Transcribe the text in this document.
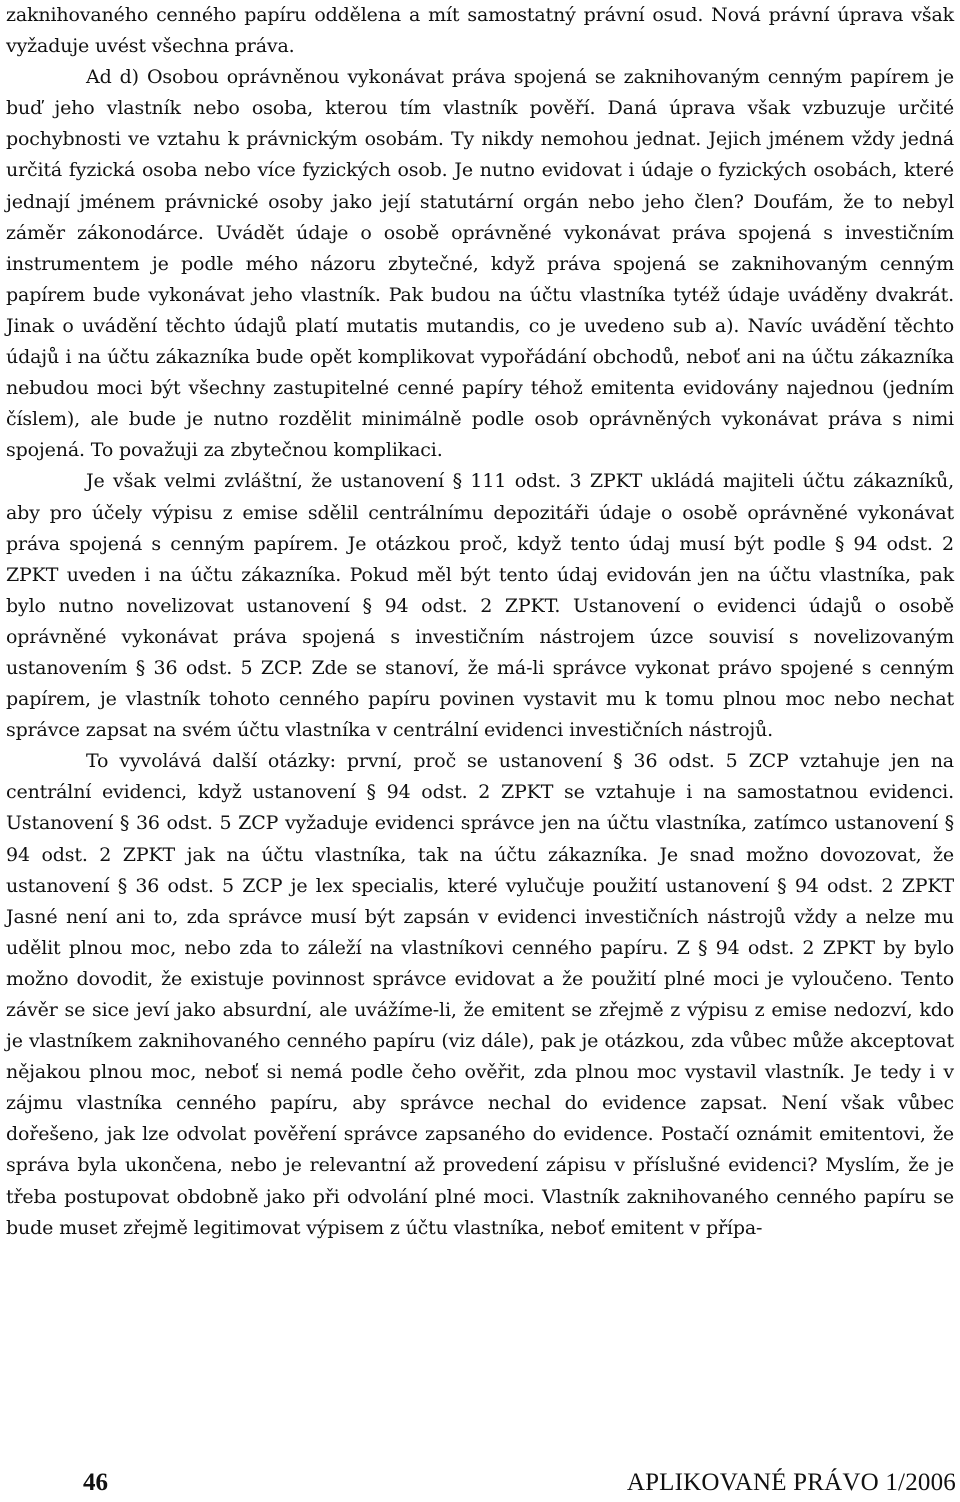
zaknihovaného cenného papíru oddělena a mít samostatný právní osud. Nová právní úprava však vyžaduje uvést všechna práva.

Ad d) Osobou oprávněnou vykonávat práva spojená se zaknihovaným cenným papírem je buď jeho vlastník nebo osoba, kterou tím vlastník pověří. Daná úprava však vzbuzuje určité pochybnosti ve vztahu k právnickým osobám. Ty nikdy nemohou jednat. Jejich jménem vždy jedná určitá fyzická osoba nebo více fyzických osob. Je nutno evidovat i údaje o fyzických osobách, které jednají jménem právnické osoby jako její statutární orgán nebo jeho člen? Doufám, že to nebyl záměr zákonodárce. Uvádět údaje o osobě oprávněné vykonávat práva spojená s investičním instrumentem je podle mého názoru zbytečné, když práva spojená se zaknihovaným cenným papírem bude vykonávat jeho vlastník. Pak budou na účtu vlastníka tytéž údaje uváděny dvakrát. Jinak o uvádění těchto údajů platí mutatis mutandis, co je uvedeno sub a). Navíc uvádění těchto údajů i na účtu zákazníka bude opět komplikovat vypořádání obchodů, neboť ani na účtu zákazníka nebudou moci být všechny zastupitelné cenné papíry téhož emitenta evidovány najednou (jedním číslem), ale bude je nutno rozdělit minimálně podle osob oprávněných vykonávat práva s nimi spojená. To považuji za zbytečnou komplikaci.

Je však velmi zvláštní, že ustanovení § 111 odst. 3 ZPKT ukládá majiteli účtu zákazníků, aby pro účely výpisu z emise sdělil centrálnímu depozitáři údaje o osobě oprávněné vykonávat práva spojená s cenným papírem. Je otázkou proč, když tento údaj musí být podle § 94 odst. 2 ZPKT uveden i na účtu zákazníka. Pokud měl být tento údaj evidován jen na účtu vlastníka, pak bylo nutno novelizovat ustanovení § 94 odst. 2 ZPKT. Ustanovení o evidenci údajů o osobě oprávněné vykonávat práva spojená s investičním nástrojem úzce souvisí s novelizovaným ustanovením § 36 odst. 5 ZCP. Zde se stanoví, že má-li správce vykonat právo spojené s cenným papírem, je vlastník tohoto cenného papíru povinen vystavit mu k tomu plnou moc nebo nechat správce zapsat na svém účtu vlastníka v centrální evidenci investičních nástrojů.

To vyvolává další otázky: první, proč se ustanovení § 36 odst. 5 ZCP vztahuje jen na centrální evidenci, když ustanovení § 94 odst. 2 ZPKT se vztahuje i na samostatnou evidenci. Ustanovení § 36 odst. 5 ZCP vyžaduje evidenci správce jen na účtu vlastníka, zatímco ustanovení § 94 odst. 2 ZPKT jak na účtu vlastníka, tak na účtu zákazníka. Je snad možno dovozovat, že ustanovení § 36 odst. 5 ZCP je lex specialis, které vylučuje použití ustanovení § 94 odst. 2 ZPKT Jasné není ani to, zda správce musí být zapsán v evidenci investičních nástrojů vždy a nelze mu udělit plnou moc, nebo zda to záleží na vlastníkovi cenného papíru. Z § 94 odst. 2 ZPKT by bylo možno dovodit, že existuje povinnost správce evidovat a že použití plné moci je vyloučeno. Tento závěr se sice jeví jako absurdní, ale uvážíme-li, že emitent se zřejmě z výpisu z emise nedozví, kdo je vlastníkem zaknihovaného cenného papíru (viz dále), pak je otázkou, zda vůbec může akceptovat nějakou plnou moc, neboť si nemá podle čeho ověřit, zda plnou moc vystavil vlastník. Je tedy i v zájmu vlastníka cenného papíru, aby správce nechal do evidence zapsat. Není však vůbec dořešeno, jak lze odvolat pověření správce zapsaného do evidence. Postačí oznámit emitentovi, že správa byla ukončena, nebo je relevantní až provedení zápisu v příslušné evidenci? Myslím, že je třeba postupovat obdobně jako při odvolání plné moci. Vlastník zaknihovaného cenného papíru se bude muset zřejmě legitimovat výpisem z účtu vlastníka, neboť emitent v přípa-

46	APLIKOVANÉ PRÁVO 1/2006
